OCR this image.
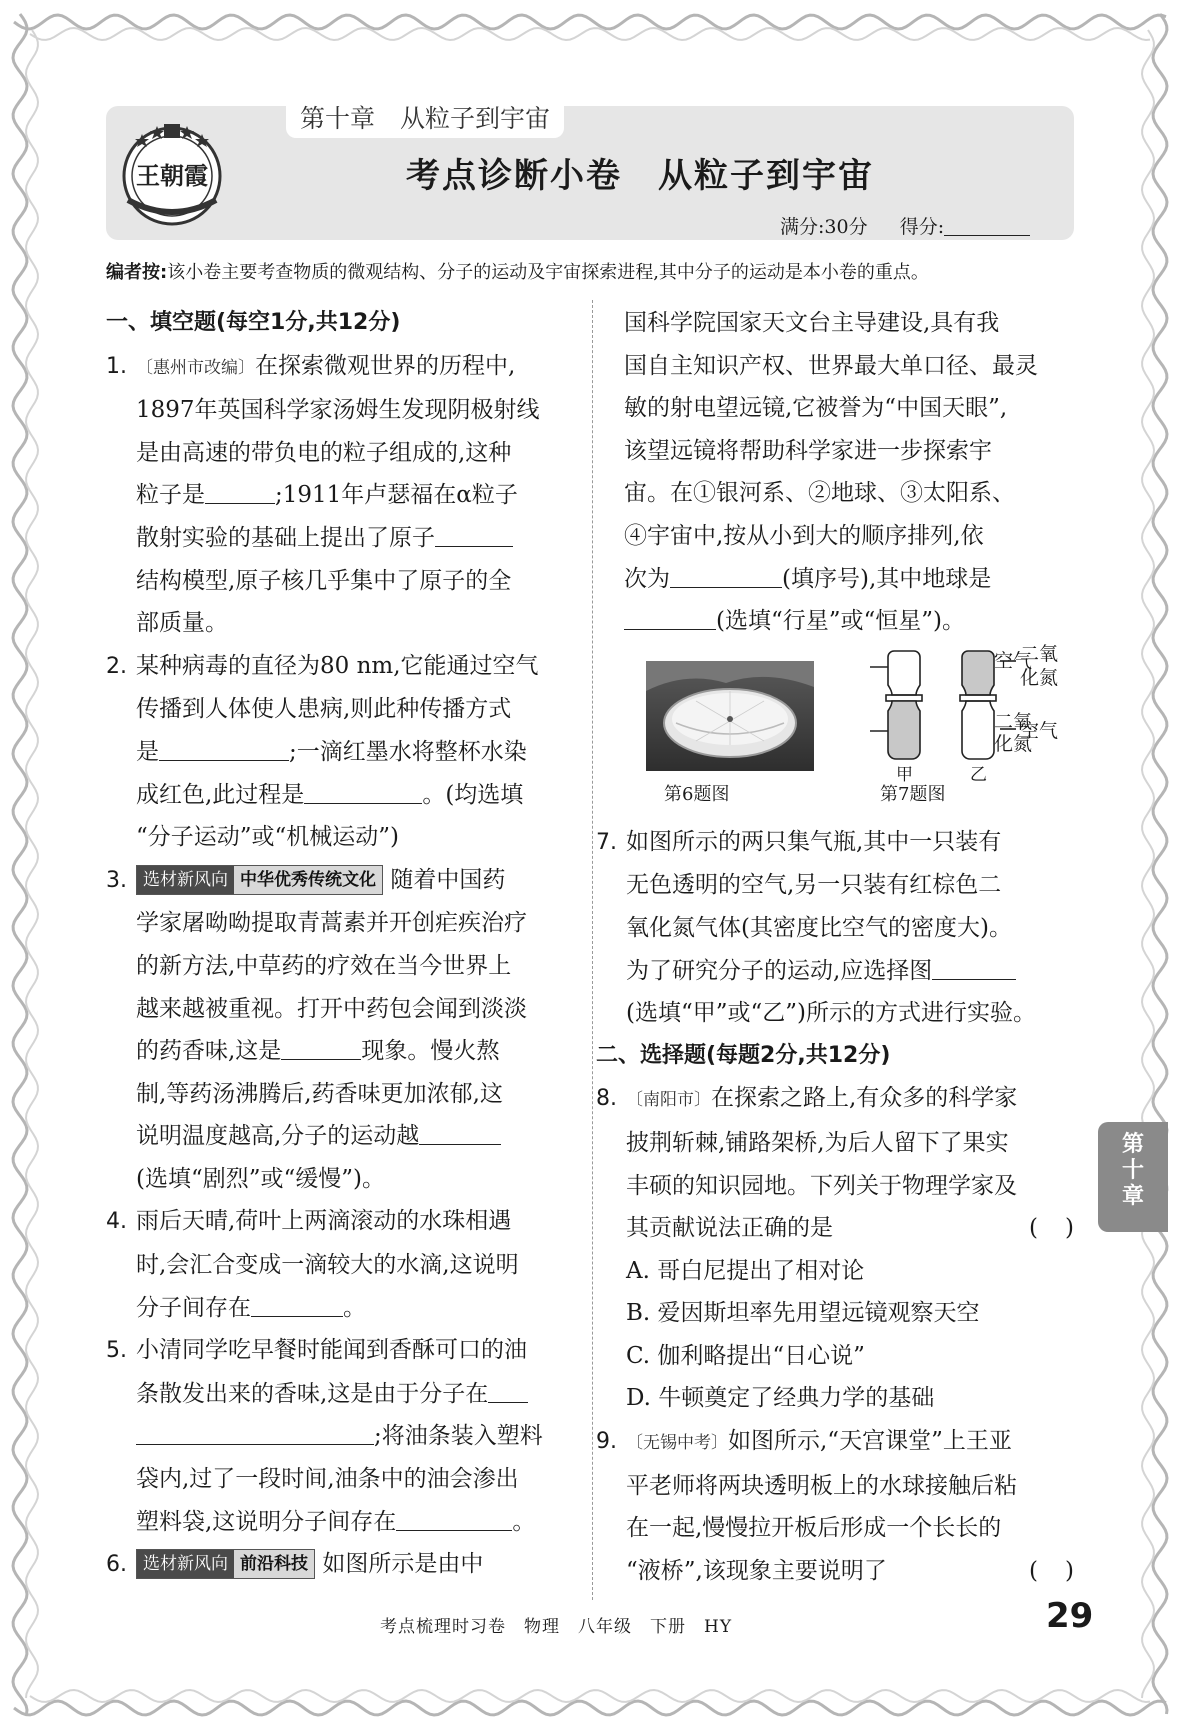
第十章　从粒子到宇宙
王朝霞	考点诊断小卷　从粒子到宇宙
满分:30分 得分:
编者按:该小卷主要考查物质的微观结构、分子的运动及宇宙探索进程,其中分子的运动是本小卷的重点。
一、填空题(每空1分,共12分)
1. 〔惠州市改编〕在探索微观世界的历程中,
1897年英国科学家汤姆生发现阴极射线
是由高速的带负电的粒子组成的,这种
粒子是	;1911年卢瑟福在α粒子
散射实验的基础上提出了原子
结构模型,原子核几乎集中了原子的全
部质量。
2. 某种病毒的直径为80 nm,它能通过空气
传播到人体使人患病,则此种传播方式
是	;一滴红墨水将整杯水染
成红色,此过程是	。(均选填
“分子运动”或“机械运动”)
3. 选材新风向 中华优秀传统文化 随着中国药
学家屠呦呦提取青蒿素并开创疟疾治疗
的新方法,中草药的疗效在当今世界上
越来越被重视。打开中药包会闻到淡淡
的药香味,这是	现象。慢火熬
制,等药汤沸腾后,药香味更加浓郁,这
说明温度越高,分子的运动越
(选填“剧烈”或“缓慢”)。
4. 雨后天晴,荷叶上两滴滚动的水珠相遇
时,会汇合变成一滴较大的水滴,这说明
分子间存在	。
5. 小清同学吃早餐时能闻到香酥可口的油
条散发出来的香味,这是由于分子在
;将油条装入塑料
袋内,过了一段时间,油条中的油会渗出
塑料袋,这说明分子间存在	。
6. 选材新风向 前沿科技 如图所示是由中
国科学院国家天文台主导建设,具有我
国自主知识产权、世界最大单口径、最灵
敏的射电望远镜,它被誉为“中国天眼”,
该望远镜将帮助科学家进一步探索宇
宙。在①银河系、②地球、③太阳系、
④宇宙中,按从小到大的顺序排列,依
次为	(填序号),其中地球是
(选填“行星”或“恒星”)。
空气
二氧
化氮
二氧
化氮
空气
甲	乙
第6题图	第7题图
7. 如图所示的两只集气瓶,其中一只装有
无色透明的空气,另一只装有红棕色二
氧化氮气体(其密度比空气的密度大)。
为了研究分子的运动,应选择图
(选填“甲”或“乙”)所示的方式进行实验。
二、选择题(每题2分,共12分)
8. 〔南阳市〕在探索之路上,有众多的科学家
披荆斩棘,铺路架桥,为后人留下了果实
丰硕的知识园地。下列关于物理学家及
其贡献说法正确的是	(　)
A. 哥白尼提出了相对论
B. 爱因斯坦率先用望远镜观察天空
C. 伽利略提出“日心说”
D. 牛顿奠定了经典力学的基础
9. 〔无锡中考〕如图所示,“天宫课堂”上王亚
平老师将两块透明板上的水球接触后粘
在一起,慢慢拉开板后形成一个长长的
“液桥”,该现象主要说明了	(　)
第
十
章
考点梳理时习卷　物理　八年级　下册　HY	29
